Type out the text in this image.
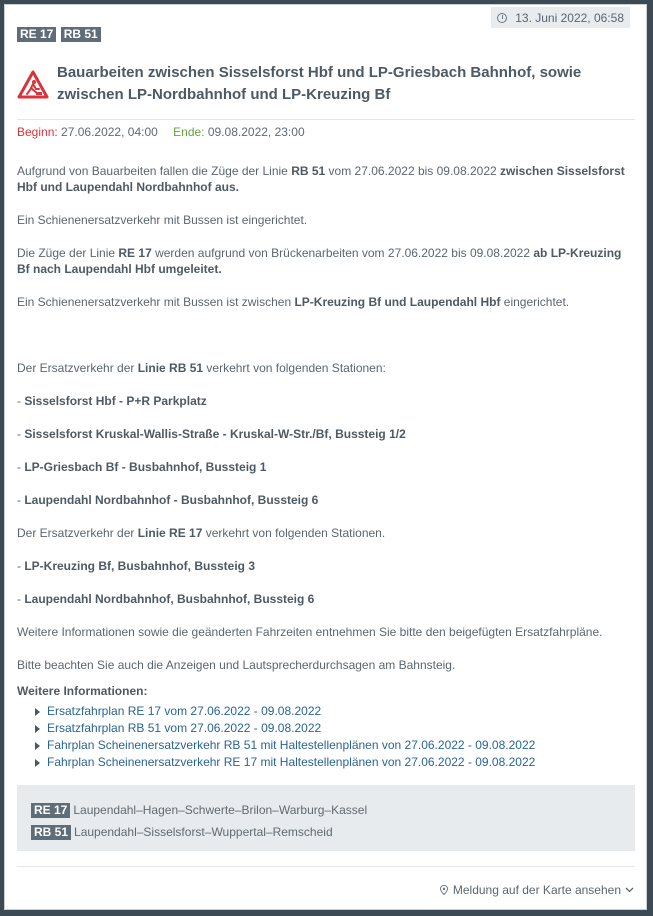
13. Juni 2022, 06:58
RE 17 RB 51
Bauarbeiten zwischen Sisselsforst Hbf und LP-Griesbach Bahnhof, sowie zwischen LP-Nordbahnhof und LP-Kreuzing Bf
Beginn: 27.06.2022, 04:00 Ende: 09.08.2022, 23:00

Aufgrund von Bauarbeiten fallen die Züge der Linie RB 51 vom 27.06.2022 bis 09.08.2022 zwischen Sisselsforst Hbf und Laupendahl Nordbahnhof aus.

Ein Schienenersatzverkehr mit Bussen ist eingerichtet.

Die Züge der Linie RE 17 werden aufgrund von Brückenarbeiten vom 27.06.2022 bis 09.08.2022 ab LP-Kreuzing Bf nach Laupendahl Hbf umgeleitet.

Ein Schienenersatzverkehr mit Bussen ist zwischen LP-Kreuzing Bf und Laupendahl Hbf eingerichtet.

Der Ersatzverkehr der Linie RB 51 verkehrt von folgenden Stationen:

- Sisselsforst Hbf - P+R Parkplatz

- Sisselsforst Kruskal-Wallis-Straße - Kruskal-W-Str./Bf, Bussteig 1/2

- LP-Griesbach Bf - Busbahnhof, Bussteig 1

- Laupendahl Nordbahnhof - Busbahnhof, Bussteig 6

Der Ersatzverkehr der Linie RE 17 verkehrt von folgenden Stationen.

- LP-Kreuzing Bf, Busbahnhof, Bussteig 3

- Laupendahl Nordbahnhof, Busbahnhof, Bussteig 6

Weitere Informationen sowie die geänderten Fahrzeiten entnehmen Sie bitte den beigefügten Ersatzfahrpläne.

Bitte beachten Sie auch die Anzeigen und Lautsprecherdurchsagen am Bahnsteig.

Weitere Informationen:
Ersatzfahrplan RE 17 vom 27.06.2022 - 09.08.2022
Ersatzfahrplan RB 51 vom 27.06.2022 - 09.08.2022
Fahrplan Scheinenersatzverkehr RB 51 mit Haltestellenplänen von 27.06.2022 - 09.08.2022
Fahrplan Scheinenersatzverkehr RE 17 mit Haltestellenplänen von 27.06.2022 - 09.08.2022
RE 17 Laupendahl–Hagen–Schwerte–Brilon–Warburg–Kassel
RB 51 Laupendahl–Sisselsforst–Wuppertal–Remscheid
Meldung auf der Karte ansehen
